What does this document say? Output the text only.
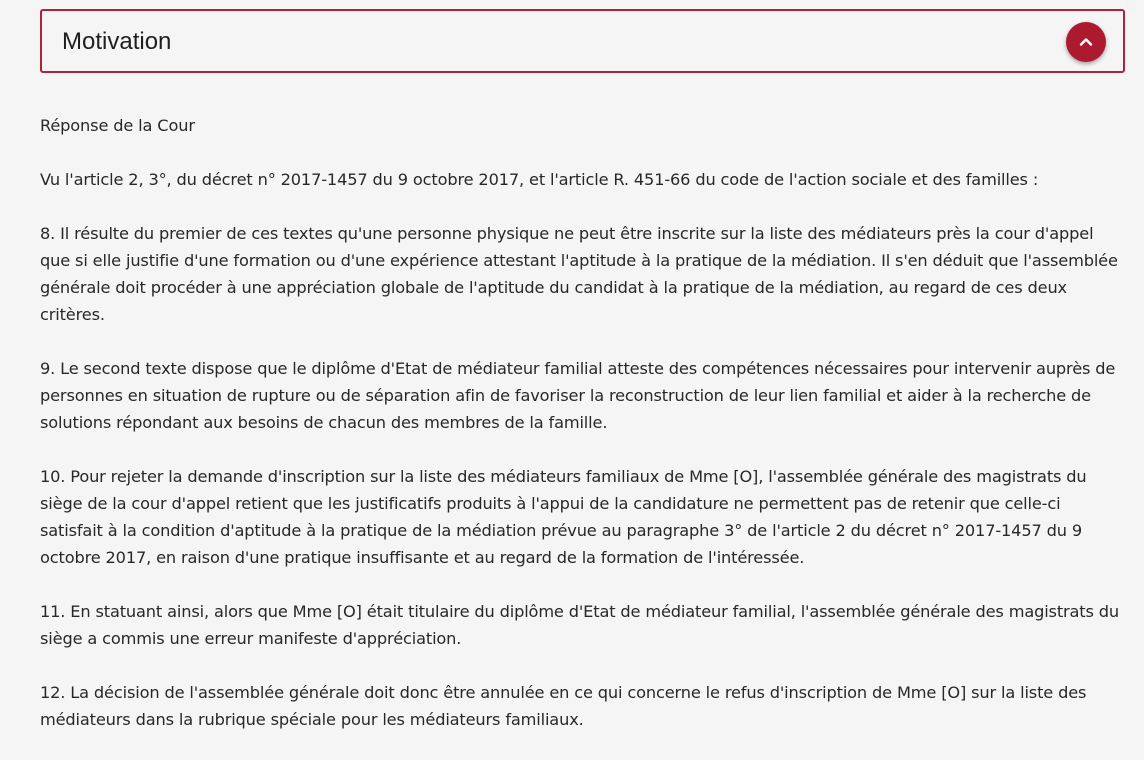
Motivation

Réponse de la Cour

Vu l'article 2, 3°, du décret n° 2017-1457 du 9 octobre 2017, et l'article R. 451-66 du code de l'action sociale et des familles :

8. Il résulte du premier de ces textes qu'une personne physique ne peut être inscrite sur la liste des médiateurs près la cour d'appel que si elle justifie d'une formation ou d'une expérience attestant l'aptitude à la pratique de la médiation. Il s'en déduit que l'assemblée générale doit procéder à une appréciation globale de l'aptitude du candidat à la pratique de la médiation, au regard de ces deux critères.

9. Le second texte dispose que le diplôme d'Etat de médiateur familial atteste des compétences nécessaires pour intervenir auprès de personnes en situation de rupture ou de séparation afin de favoriser la reconstruction de leur lien familial et aider à la recherche de solutions répondant aux besoins de chacun des membres de la famille.

10. Pour rejeter la demande d'inscription sur la liste des médiateurs familiaux de Mme [O], l'assemblée générale des magistrats du siège de la cour d'appel retient que les justificatifs produits à l'appui de la candidature ne permettent pas de retenir que celle-ci satisfait à la condition d'aptitude à la pratique de la médiation prévue au paragraphe 3° de l'article 2 du décret n° 2017-1457 du 9 octobre 2017, en raison d'une pratique insuffisante et au regard de la formation de l'intéressée.

11. En statuant ainsi, alors que Mme [O] était titulaire du diplôme d'Etat de médiateur familial, l'assemblée générale des magistrats du siège a commis une erreur manifeste d'appréciation.

12. La décision de l'assemblée générale doit donc être annulée en ce qui concerne le refus d'inscription de Mme [O] sur la liste des médiateurs dans la rubrique spéciale pour les médiateurs familiaux.
